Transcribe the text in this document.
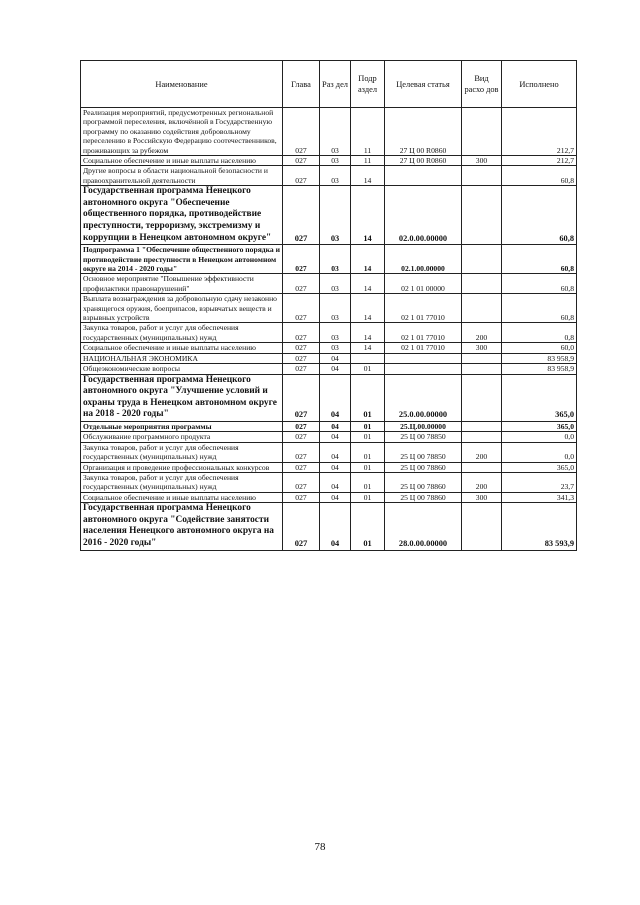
Наименование	Глава	Раз дел	Подр аздел	Целевая статья	Вид расхо дов	Исполнено
Реализация мероприятий, предусмотренных региональной программой переселения, включённой в Государственную программу по оказанию содействия добровольному переселению в Российскую Федерацию соотечественников, проживающих за рубежом	027	03	11	27 Ц 00 R0860		212,7
Социальное обеспечение и иные выплаты населению	027	03	11	27 Ц 00 R0860	300	212,7
Другие вопросы в области национальной безопасности и правоохранительной деятельности	027	03	14			60,8
Государственная программа Ненецкого автономного округа "Обеспечение общественного порядка, противодействие преступности, терроризму, экстремизму и коррупции в Ненецком автономном округе"	027	03	14	02.0.00.00000		60,8
Подпрограмма 1 "Обеспечение общественного порядка и противодействие преступности в Ненецком автономном округе на 2014 - 2020 годы"	027	03	14	02.1.00.00000		60,8
Основное мероприятие "Повышение эффективности профилактики правонарушений"	027	03	14	02 1 01 00000		60,8
Выплата вознаграждения за добровольную сдачу незаконно хранящегося оружия, боеприпасов, взрывчатых веществ и взрывных устройств	027	03	14	02 1 01 77010		60,8
Закупка товаров, работ и услуг для обеспечения государственных (муниципальных) нужд	027	03	14	02 1 01 77010	200	0,8
Социальное обеспечение и иные выплаты населению	027	03	14	02 1 01 77010	300	60,0
НАЦИОНАЛЬНАЯ ЭКОНОМИКА	027	04				83 958,9
Общеэкономические вопросы	027	04	01			83 958,9
Государственная программа Ненецкого автономного округа "Улучшение условий и охраны труда в Ненецком автономном округе на 2018 - 2020 годы"	027	04	01	25.0.00.00000		365,0
Отдельные мероприятия программы	027	04	01	25.Ц.00.00000		365,0
Обслуживание программного продукта	027	04	01	25 Ц 00 78850		0,0
Закупка товаров, работ и услуг для обеспечения государственных (муниципальных) нужд	027	04	01	25 Ц 00 78850	200	0,0
Организация и проведение профессиональных конкурсов	027	04	01	25 Ц 00 78860		365,0
Закупка товаров, работ и услуг для обеспечения государственных (муниципальных) нужд	027	04	01	25 Ц 00 78860	200	23,7
Социальное обеспечение и иные выплаты населению	027	04	01	25 Ц 00 78860	300	341,3
Государственная программа Ненецкого автономного округа "Содействие занятости населения Ненецкого автономного округа на 2016 - 2020 годы"	027	04	01	28.0.00.00000		83 593,9
78
